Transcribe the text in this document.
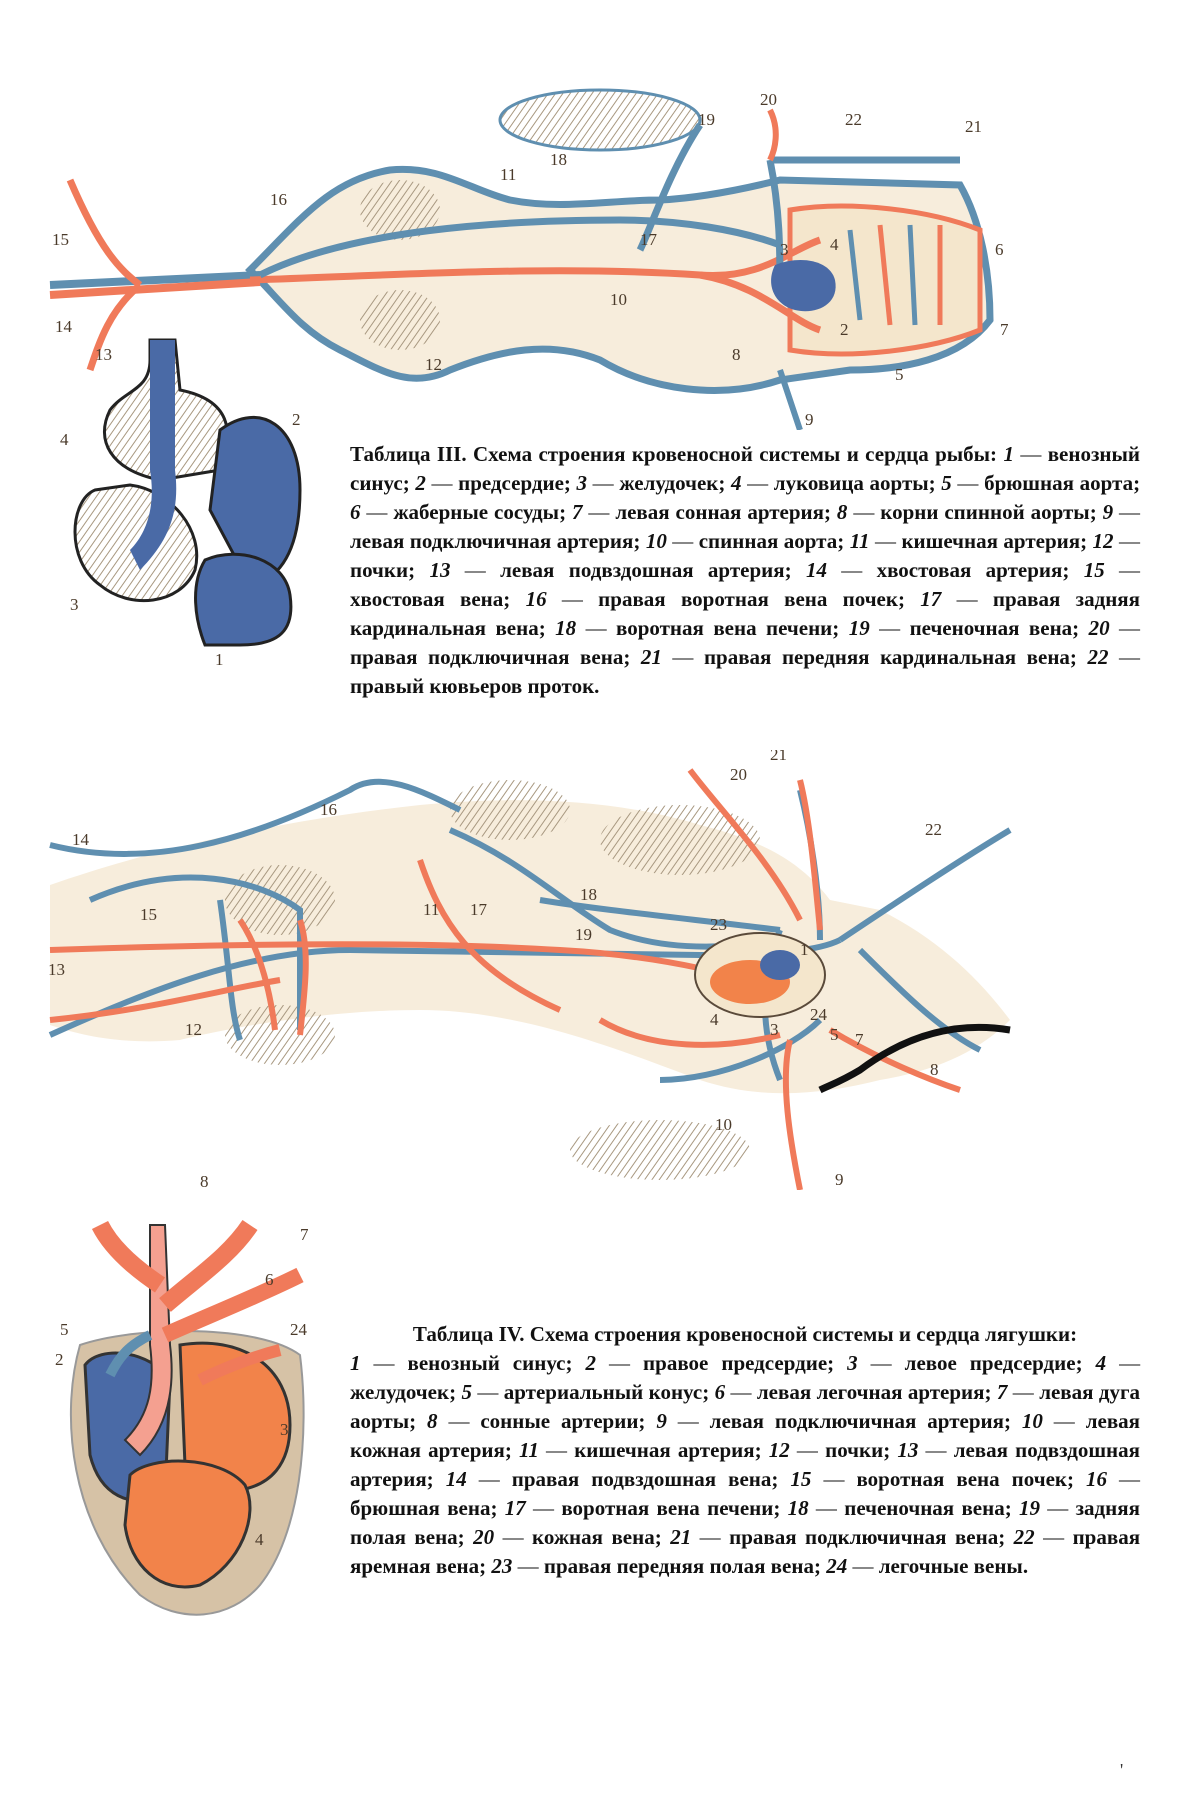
15
14
13
16
12
11
18
17
19
10
20
22	21
3 4	6
2
8
5
7
9
4
2
3
1
Таблица III. Схема строения кровеносной системы и сердца рыбы: 1 — венозный синус; 2 — предсердие; 3 — желудочек; 4 — луковица аорты; 5 — брюшная аорта; 6 — жаберные сосуды; 7 — левая сонная артерия; 8 — корни спинной аорты; 9 — левая подключичная артерия; 10 — спинная аорта; 11 — кишечная артерия; 12 — почки; 13 — левая подвздошная артерия; 14 — хвостовая артерия; 15 — хвостовая вена; 16 — правая воротная вена почек; 17 — правая задняя кардинальная вена; 18 — воротная вена печени; 19 — печеночная вена; 20 — правая подключичная вена; 21 — правая передняя кардинальная вена; 22 — правый кювьеров проток.
14
15
13
12
16
11 17
18
19
23
20
21
22
1
4
3
24
5 7
8
10
9
8
7
6
24
5
2
3
4
Таблица IV. Схема строения кровеносной системы и сердца лягушки:
1 — венозный синус; 2 — правое предсердие; 3 — левое предсердие; 4 — желудочек; 5 — артериальный конус; 6 — левая легочная артерия; 7 — левая дуга аорты; 8 — сонные артерии; 9 — левая подключичная артерия; 10 — левая кожная артерия; 11 — кишечная артерия; 12 — почки; 13 — левая подвздошная артерия; 14 — правая подвздошная вена; 15 — воротная вена почек; 16 — брюшная вена; 17 — воротная вена печени; 18 — печеночная вена; 19 — задняя полая вена; 20 — кожная вена; 21 — правая подключичная вена; 22 — правая яремная вена; 23 — правая передняя полая вена; 24 — легочные вены.
'
